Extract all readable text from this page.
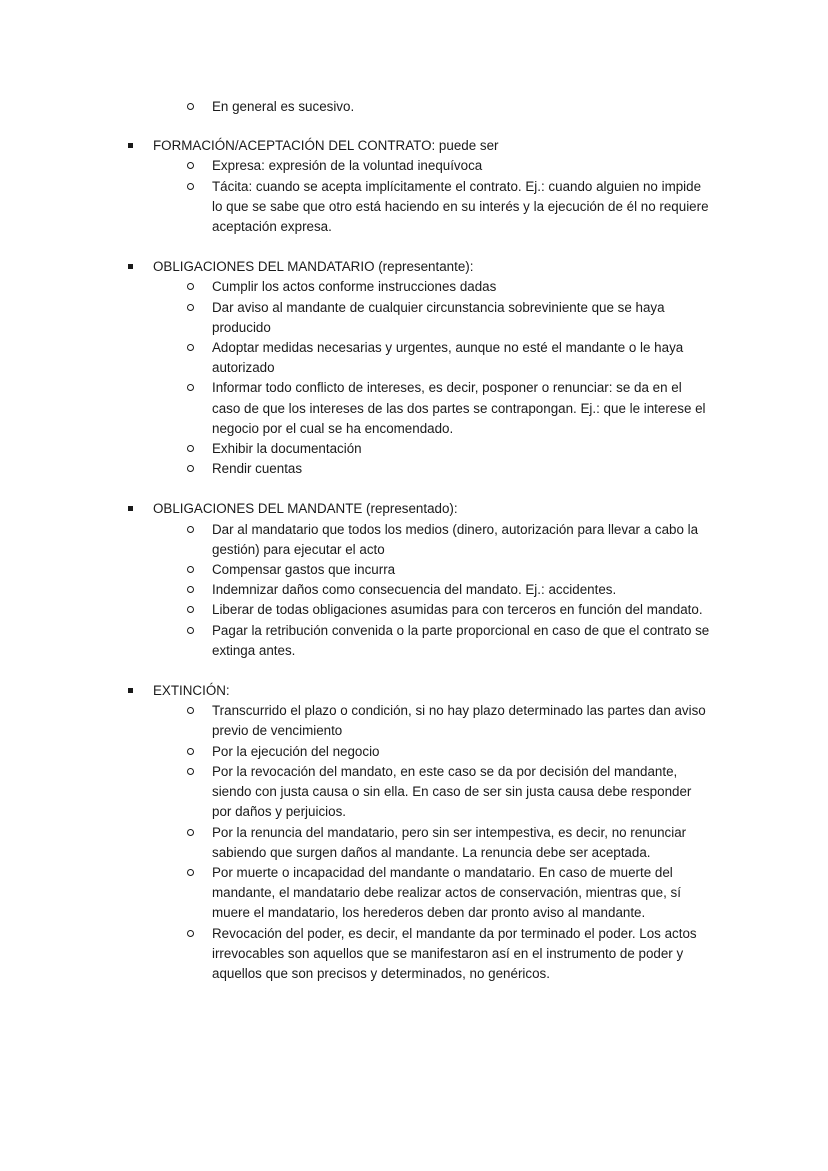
En general es sucesivo.
FORMACIÓN/ACEPTACIÓN DEL CONTRATO: puede ser
Expresa: expresión de la voluntad inequívoca
Tácita: cuando se acepta implícitamente el contrato. Ej.: cuando alguien no impide lo que se sabe que otro está haciendo en su interés y la ejecución de él no requiere aceptación expresa.
OBLIGACIONES DEL MANDATARIO (representante):
Cumplir los actos conforme instrucciones dadas
Dar aviso al mandante de cualquier circunstancia sobreviniente que se haya producido
Adoptar medidas necesarias y urgentes, aunque no esté el mandante o le haya autorizado
Informar todo conflicto de intereses, es decir, posponer o renunciar: se da en el caso de que los intereses de las dos partes se contrapongan. Ej.: que le interese el negocio por el cual se ha encomendado.
Exhibir la documentación
Rendir cuentas
OBLIGACIONES DEL MANDANTE (representado):
Dar al mandatario que todos los medios (dinero, autorización para llevar a cabo la gestión) para ejecutar el acto
Compensar gastos que incurra
Indemnizar daños como consecuencia del mandato. Ej.: accidentes.
Liberar de todas obligaciones asumidas para con terceros en función del mandato.
Pagar la retribución convenida o la parte proporcional en caso de que el contrato se extinga antes.
EXTINCIÓN:
Transcurrido el plazo o condición, si no hay plazo determinado las partes dan aviso previo de vencimiento
Por la ejecución del negocio
Por la revocación del mandato, en este caso se da por decisión del mandante, siendo con justa causa o sin ella. En caso de ser sin justa causa debe responder por daños y perjuicios.
Por la renuncia del mandatario, pero sin ser intempestiva, es decir, no renunciar sabiendo que surgen daños al mandante. La renuncia debe ser aceptada.
Por muerte o incapacidad del mandante o mandatario. En caso de muerte del mandante, el mandatario debe realizar actos de conservación, mientras que, sí muere el mandatario, los herederos deben dar pronto aviso al mandante.
Revocación del poder, es decir, el mandante da por terminado el poder. Los actos irrevocables son aquellos que se manifestaron así en el instrumento de poder y aquellos que son precisos y determinados, no genéricos.
